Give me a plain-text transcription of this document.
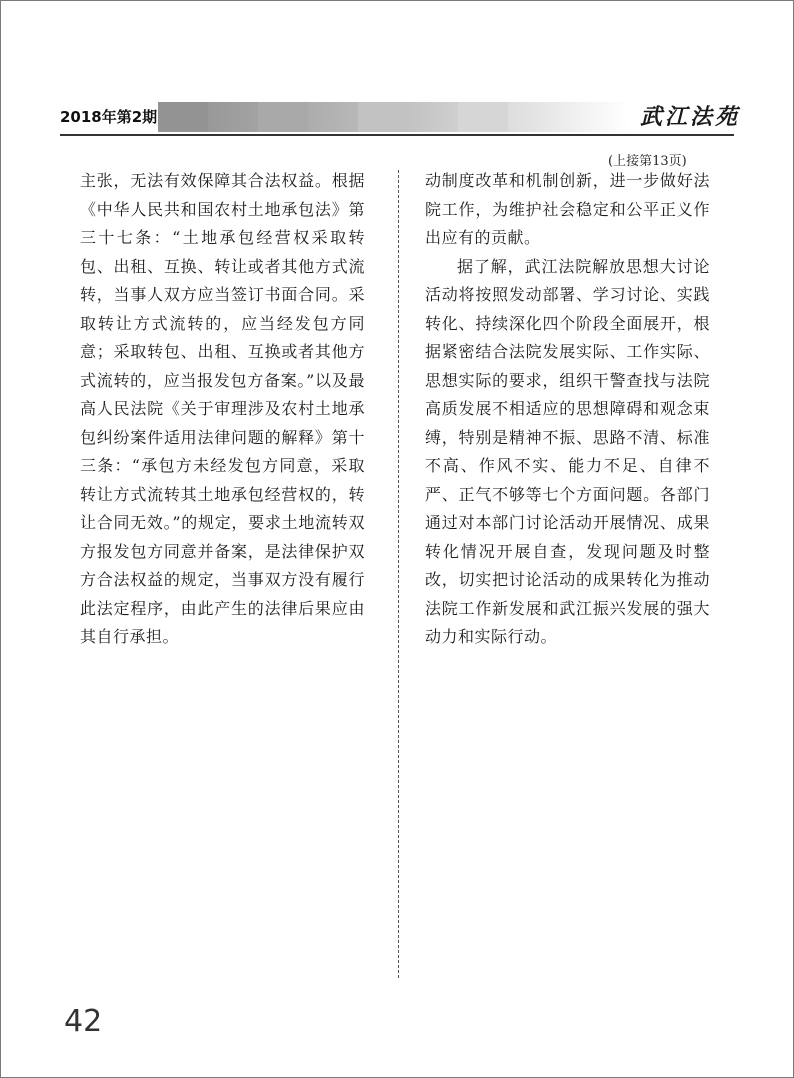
2018年第2期	武江法苑
(上接第13页)

主张，无法有效保障其合法权益。根据《中华人民共和国农村土地承包法》第三十七条：“土地承包经营权采取转包、出租、互换、转让或者其他方式流转，当事人双方应当签订书面合同。采取转让方式流转的，应当经发包方同意；采取转包、出租、互换或者其他方式流转的，应当报发包方备案。”以及最高人民法院《关于审理涉及农村土地承包纠纷案件适用法律问题的解释》第十三条：“承包方未经发包方同意，采取转让方式流转其土地承包经营权的，转让合同无效。”的规定，要求土地流转双方报发包方同意并备案，是法律保护双方合法权益的规定，当事双方没有履行此法定程序，由此产生的法律后果应由其自行承担。

动制度改革和机制创新，进一步做好法院工作，为维护社会稳定和公平正义作出应有的贡献。

据了解，武江法院解放思想大讨论活动将按照发动部署、学习讨论、实践转化、持续深化四个阶段全面展开，根据紧密结合法院发展实际、工作实际、思想实际的要求，组织干警查找与法院高质发展不相适应的思想障碍和观念束缚，特别是精神不振、思路不清、标准不高、作风不实、能力不足、自律不严、正气不够等七个方面问题。各部门通过对本部门讨论活动开展情况、成果转化情况开展自查，发现问题及时整改，切实把讨论活动的成果转化为推动法院工作新发展和武江振兴发展的强大动力和实际行动。

42
